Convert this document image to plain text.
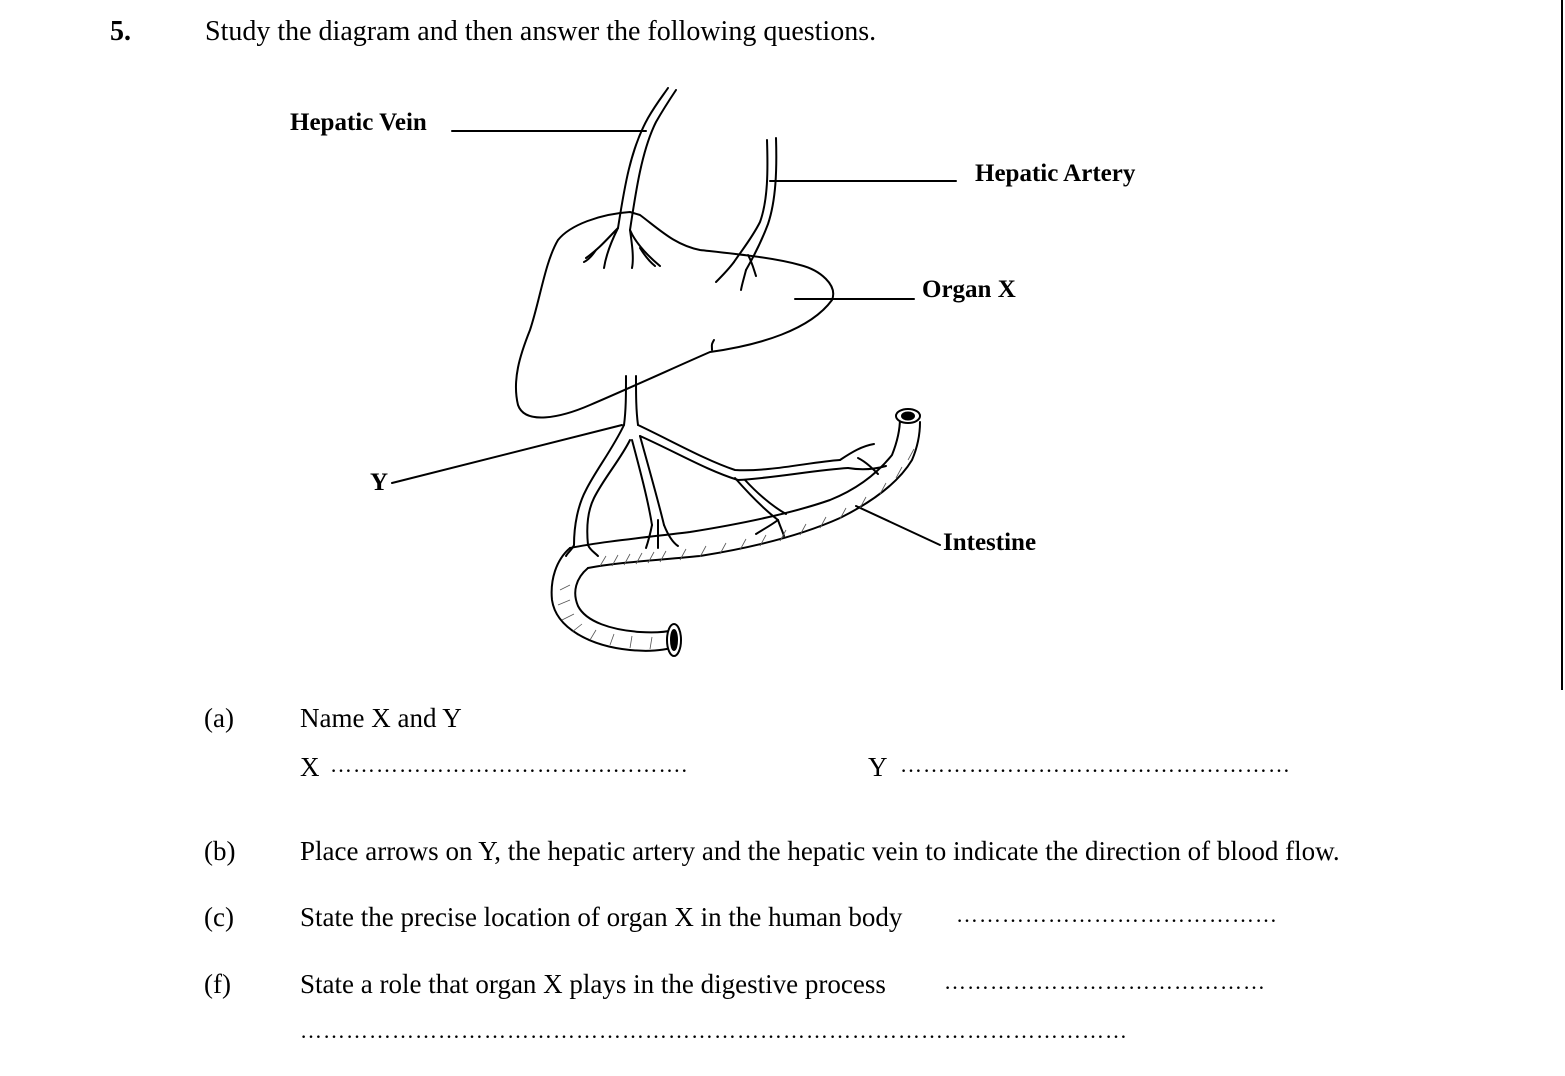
5.	Study the diagram and then answer the following questions.
Hepatic Vein
Hepatic Artery
Organ X
Y
Intestine
(a) Name X and Y
X ……………………………….……….	Y ……………………………………………
(b) Place arrows on Y, the hepatic artery and the hepatic vein to indicate the direction of blood flow.
(c) State the precise location of organ X in the human body ……………………………………
(f)	State a role that organ X plays in the digestive process	……………………………………
………………………………………………………………………………………………
